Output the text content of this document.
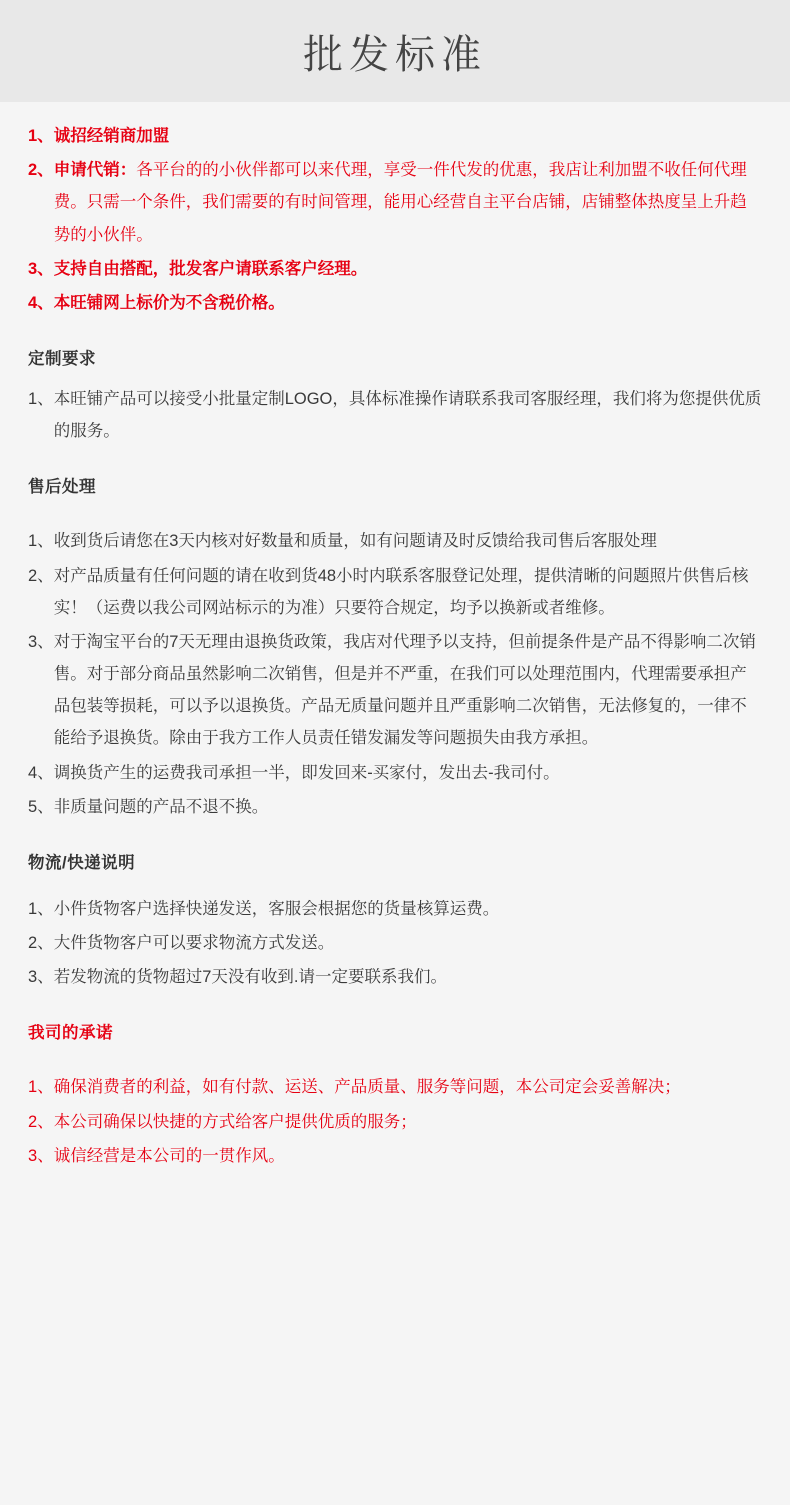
批发标准
1、 诚招经销商加盟
2、 申请代销：各平台的的小伙伴都可以来代理，享受一件代发的优惠，我店让利加盟不收任何代理费。只需一个条件，我们需要的有时间管理，能用心经营自主平台店铺，店铺整体热度呈上升趋势的小伙伴。
3、 支持自由搭配，批发客户请联系客户经理。
4、 本旺铺网上标价为不含税价格。
定制要求
1、 本旺铺产品可以接受小批量定制LOGO，具体标准操作请联系我司客服经理，我们将为您提供优质的服务。
售后处理
1、 收到货后请您在3天内核对好数量和质量，如有问题请及时反馈给我司售后客服处理
2、 对产品质量有任何问题的请在收到货48小时内联系客服登记处理，提供清晰的问题照片供售后核实！（运费以我公司网站标示的为准）只要符合规定，均予以换新或者维修。
3、 对于淘宝平台的7天无理由退换货政策，我店对代理予以支持，但前提条件是产品不得影响二次销售。对于部分商品虽然影响二次销售，但是并不严重，在我们可以处理范围内，代理需要承担产品包装等损耗，可以予以退换货。产品无质量问题并且严重影响二次销售，无法修复的，一律不能给予退换货。除由于我方工作人员责任错发漏发等问题损失由我方承担。
4、 调换货产生的运费我司承担一半，即发回来-买家付，发出去-我司付。
5、 非质量问题的产品不退不换。
物流/快递说明
1、 小件货物客户选择快递发送，客服会根据您的货量核算运费。
2、 大件货物客户可以要求物流方式发送。
3、 若发物流的货物超过7天没有收到.请一定要联系我们。
我司的承诺
1、 确保消费者的利益，如有付款、运送、产品质量、服务等问题，本公司定会妥善解决；
2、 本公司确保以快捷的方式给客户提供优质的服务；
3、 诚信经营是本公司的一贯作风。
